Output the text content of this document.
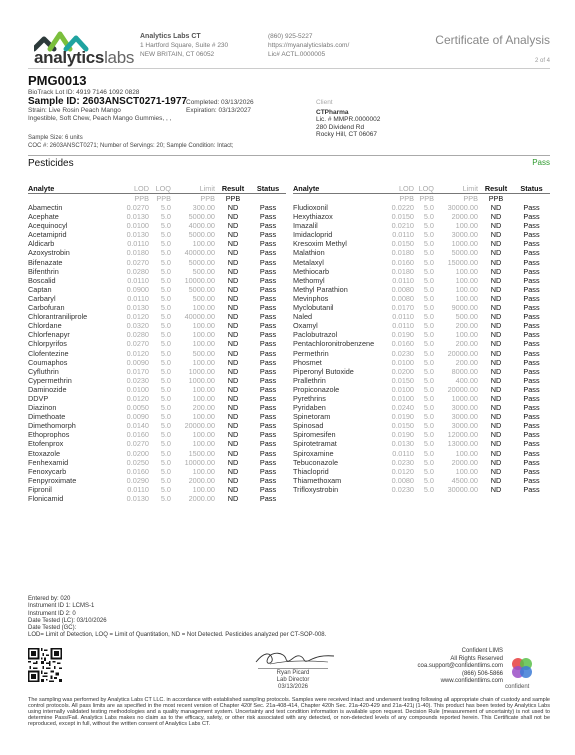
analyticslabs
Analytics Labs CT
1 Hartford Square, Suite # 230
NEW BRITAIN, CT 06052
(860) 925-5227
https://myanalyticslabs.com/
Lic# ACTL.0000005
Certificate of Analysis
2 of 4
PMG0013
BioTrack Lot ID: 4919 7146 1092 0828
Sample ID: 2603ANSCT0271-1977
Strain: Live Rosin Peach Mango
Ingestible, Soft Chew, Peach Mango Gummies, , ,
Completed: 03/13/2026
Expiration: 03/13/2027
Client
CTPharma
Lic. # MMPR.0000002
280 Dividend Rd
Rocky Hill, CT 06067
Sample Size: 6 units
COC #: 2603ANSCT0271; Number of Servings: 20; Sample Condition: Intact;
Pesticides	Pass
Analyte	LOD	LOQ	Limit	Result	Status
	PPB	PPB	PPB	PPB	
Abamectin	0.0270	5.0	300.00	ND	Pass
Acephate	0.0130	5.0	5000.00	ND	Pass
Acequinocyl	0.0100	5.0	4000.00	ND	Pass
Acetamiprid	0.0130	5.0	5000.00	ND	Pass
Aldicarb	0.0110	5.0	100.00	ND	Pass
Azoxystrobin	0.0180	5.0	40000.00	ND	Pass
Bifenazate	0.0270	5.0	5000.00	ND	Pass
Bifenthrin	0.0280	5.0	500.00	ND	Pass
Boscalid	0.0110	5.0	10000.00	ND	Pass
Captan	0.0900	5.0	5000.00	ND	Pass
Carbaryl	0.0110	5.0	500.00	ND	Pass
Carbofuran	0.0130	5.0	100.00	ND	Pass
Chlorantraniliprole	0.0120	5.0	40000.00	ND	Pass
Chlordane	0.0320	5.0	100.00	ND	Pass
Chlorfenapyr	0.0280	5.0	100.00	ND	Pass
Chlorpyrifos	0.0270	5.0	100.00	ND	Pass
Clofentezine	0.0120	5.0	500.00	ND	Pass
Coumaphos	0.0090	5.0	100.00	ND	Pass
Cyfluthrin	0.0170	5.0	1000.00	ND	Pass
Cypermethrin	0.0230	5.0	1000.00	ND	Pass
Daminozide	0.0100	5.0	100.00	ND	Pass
DDVP	0.0120	5.0	100.00	ND	Pass
Diazinon	0.0050	5.0	200.00	ND	Pass
Dimethoate	0.0090	5.0	100.00	ND	Pass
Dimethomorph	0.0140	5.0	20000.00	ND	Pass
Ethoprophos	0.0160	5.0	100.00	ND	Pass
Etofenprox	0.0270	5.0	100.00	ND	Pass
Etoxazole	0.0200	5.0	1500.00	ND	Pass
Fenhexamid	0.0250	5.0	10000.00	ND	Pass
Fenoxycarb	0.0160	5.0	100.00	ND	Pass
Fenpyroximate	0.0290	5.0	2000.00	ND	Pass
Fipronil	0.0110	5.0	100.00	ND	Pass
Flonicamid	0.0130	5.0	2000.00	ND	Pass
Analyte	LOD	LOQ	Limit	Result	Status
	PPB	PPB	PPB	PPB	
Fludioxonil	0.0220	5.0	30000.00	ND	Pass
Hexythiazox	0.0150	5.0	2000.00	ND	Pass
Imazalil	0.0210	5.0	100.00	ND	Pass
Imidacloprid	0.0110	5.0	3000.00	ND	Pass
Kresoxim Methyl	0.0150	5.0	1000.00	ND	Pass
Malathion	0.0180	5.0	5000.00	ND	Pass
Metalaxyl	0.0160	5.0	15000.00	ND	Pass
Methiocarb	0.0180	5.0	100.00	ND	Pass
Methomyl	0.0110	5.0	100.00	ND	Pass
Methyl Parathion	0.0080	5.0	100.00	ND	Pass
Mevinphos	0.0080	5.0	100.00	ND	Pass
Myclobutanil	0.0170	5.0	9000.00	ND	Pass
Naled	0.0110	5.0	500.00	ND	Pass
Oxamyl	0.0110	5.0	200.00	ND	Pass
Paclobutrazol	0.0190	5.0	100.00	ND	Pass
Pentachloronitrobenzene	0.0160	5.0	200.00	ND	Pass
Permethrin	0.0230	5.0	20000.00	ND	Pass
Phosmet	0.0100	5.0	200.00	ND	Pass
Piperonyl Butoxide	0.0200	5.0	8000.00	ND	Pass
Prallethrin	0.0150	5.0	400.00	ND	Pass
Propiconazole	0.0100	5.0	20000.00	ND	Pass
Pyrethrins	0.0100	5.0	1000.00	ND	Pass
Pyridaben	0.0240	5.0	3000.00	ND	Pass
Spinetoram	0.0190	5.0	3000.00	ND	Pass
Spinosad	0.0150	5.0	3000.00	ND	Pass
Spiromesifen	0.0190	5.0	12000.00	ND	Pass
Spirotetramat	0.0130	5.0	13000.00	ND	Pass
Spiroxamine	0.0110	5.0	100.00	ND	Pass
Tebuconazole	0.0230	5.0	2000.00	ND	Pass
Thiacloprid	0.0120	5.0	100.00	ND	Pass
Thiamethoxam	0.0080	5.0	4500.00	ND	Pass
Trifloxystrobin	0.0230	5.0	30000.00	ND	Pass
Entered by: 020
Instrument ID 1: LCMS-1
Instrument ID 2: 0
Date Tested (LC): 03/10/2026
Date Tested (GC):
LOD= Limit of Detection, LOQ = Limit of Quantitation, ND = Not Detected. Pesticides analyzed per CT-SOP-008.
Ryan Picard
Lab Director
03/13/2026
Confident LIMS
All Rights Reserved
coa.support@confidentlims.com
(866) 506-5866
www.confidentlims.com
confident
The sampling was performed by Analytics Labs CT LLC. in accordance with established sampling protocols. Samples were received intact and underwent testing following all appropriate chain of custody and sample control protocols. All pass limits are as specified in the most recent version of Chapter 420f Sec. 21a-408-414, Chapter 420h Sec. 21a-420-429 and 21a-421j (1-40). This product has been tested by Analytics Labs using internally validated testing methodologies and a quality management system. Uncertainty and test condition information is available upon request. Decision Rule (measurement of uncertainty) is not used to determine Pass/Fail. Analytics Labs makes no claim as to the efficacy, safety, or other risk associated with any detected, or non-detected levels of any compounds reported herein. This Certificate shall not be reproduced, except in full, without the written consent of Analytics Labs CT.
